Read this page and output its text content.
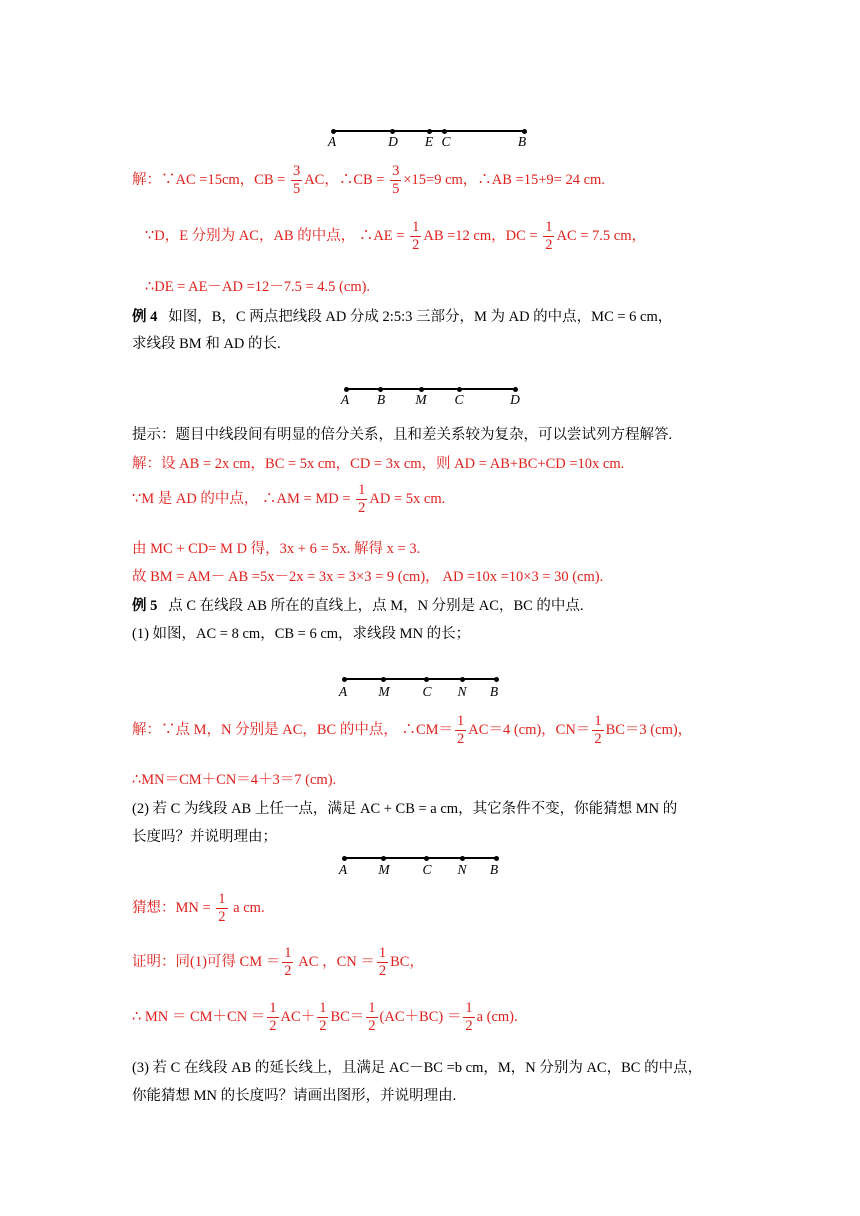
A	D E C	B
解：∵AC =15cm，CB = $\frac{3}{5}$ AC，∴CB = $\frac{3}{5} \times 15=9$ cm，∴AB =15+9= 24 cm.
∵D，E 分别为 AC，AB 的中点， ∴AE = $\frac{1}{2}$ AB =12 cm，DC = $\frac{1}{2}$ AC = 7.5 cm，
∴DE = AE－AD =12－7.5 = 4.5 (cm).
例 4 如图，B，C 两点把线段 AD 分成 2:5:3 三部分，M 为 AD 的中点，MC = 6 cm，
求线段 BM 和 AD 的长.
A B M C	D
提示：题目中线段间有明显的倍分关系，且和差关系较为复杂，可以尝试列方程解答.
解：设 AB = 2x cm，BC = 5x cm，CD = 3x cm，则 AD = AB+BC+CD =10x cm.
∵M 是 AD 的中点， ∴AM = MD = $\frac{1}{2}$ AD = 5x cm.
由 MC + CD= M D 得，3x + 6 = 5x. 解得 x = 3.
故 BM = AM－ AB =5x－2x = 3x = 3×3 = 9 (cm)， AD =10x =10×3 = 30 (cm).
例 5 点 C 在线段 AB 所在的直线上，点 M，N 分别是 AC，BC 的中点.
(1) 如图，AC = 8 cm，CB = 6 cm，求线段 MN 的长；
A M C N B
解：∵点 M，N 分别是 AC，BC 的中点， ∴CM＝ $\frac{1}{2} AC=4$ (cm)，$CN= \frac{1}{2} BC=3$ (cm)，
∴MN＝CM＋CN＝4＋3＝7 (cm).
(2) 若 C 为线段 AB 上任一点，满足 AC + CB = a cm，其它条件不变，你能猜想 MN 的
长度吗？并说明理由；
A M C N B
猜想：MN = $\frac{1}{2}$ a cm.
证明：同(1)可得 CM ＝ $\frac{1}{2}$ AC ，CN ＝ $\frac{1}{2}$ BC，
∴ MN ＝ $CM+CN = \frac{1}{2} AC+ \frac{1}{2} BC= \frac{1}{2} (AC+BC) = \frac{1}{2}$ a (cm).
(3) 若 C 在线段 AB 的延长线上，且满足 AC－BC =b cm，M，N 分别为 AC，BC 的中点，
你能猜想 MN 的长度吗？请画出图形，并说明理由.
